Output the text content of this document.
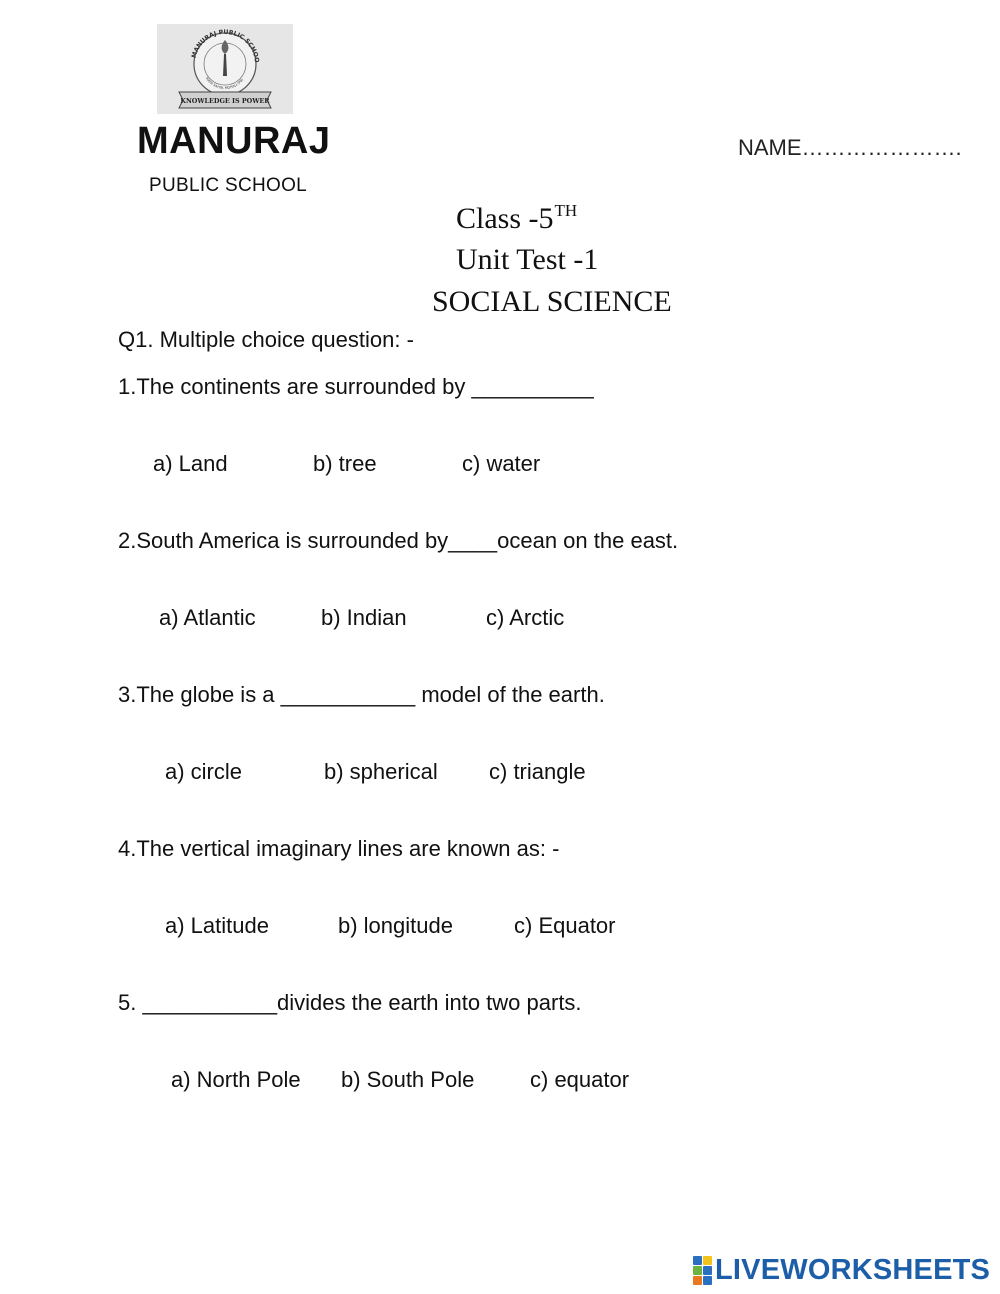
MANURAJ PUBLIC SCHOO
MATA SAHIB, MOHALI (PB)
KNOWLEDGE IS POWER
MANURAJ
PUBLIC SCHOOL
NAME………………….
Class -5TH
Unit Test -1
SOCIAL SCIENCE
Q1. Multiple choice question: -
1.The continents are surrounded by __________
a) Land	b) tree	c) water
2.South America is surrounded by____ocean on the east.
a) Atlantic	b) Indian	c) Arctic
3.The globe is a ___________ model of the earth.
a) circle	b) spherical c) triangle
4.The vertical imaginary lines are known as: -
a) Latitude	b) longitude	c) Equator
5. ___________divides the earth into two parts.
a) North Pole b) South Pole	c) equator
LIVEWORKSHEETS
